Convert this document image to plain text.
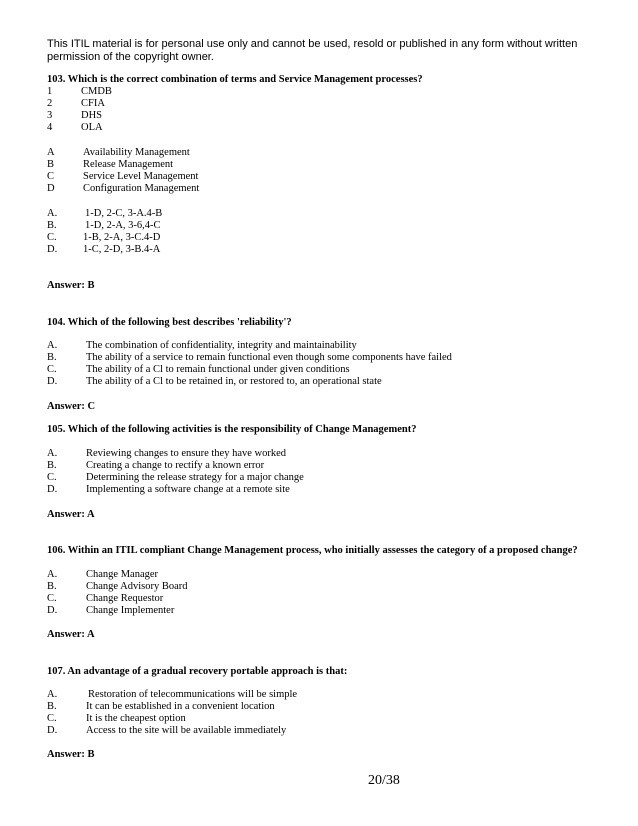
This ITIL material is for personal use only and cannot be used, resold or published in any form without written permission of the copyright owner.
103. Which is the correct combination of terms and Service Management processes?
1	CMDB
2	CFIA
3	DHS
4	OLA
A	Availability Management
B	Release Management
C	Service Level Management
D	Configuration Management
A.	1-D, 2-C, 3-A.4-B
B.	1-D, 2-A, 3-6,4-C
C.	1-B, 2-A, 3-C.4-D
D. 1-C, 2-D, 3-B.4-A
Answer: B
104. Which of the following best describes 'reliability'?
A.	The combination of confidentiality, integrity and maintainability
B.	The ability of a service to remain functional even though some components have failed
C.	The ability of a Cl to remain functional under given conditions
D.	The ability of a Cl to be retained in, or restored to, an operational state
Answer: C
105. Which of the following activities is the responsibility of Change Management?
A.	Reviewing changes to ensure they have worked
B.	Creating a change to rectify a known error
C.	Determining the release strategy for a major change
D.	Implementing a software change at a remote site
Answer: A
106. Within an ITIL compliant Change Management process, who initially assesses the category of a proposed change?
A.	Change Manager
B.	Change Advisory Board
C.	Change Requestor
D.	Change Implementer
Answer: A
107. An advantage of a gradual recovery portable approach is that:
A.	Restoration of telecommunications will be simple
B.	It can be established in a convenient location
C.	It is the cheapest option
D.	Access to the site will be available immediately
Answer: B
20/38
